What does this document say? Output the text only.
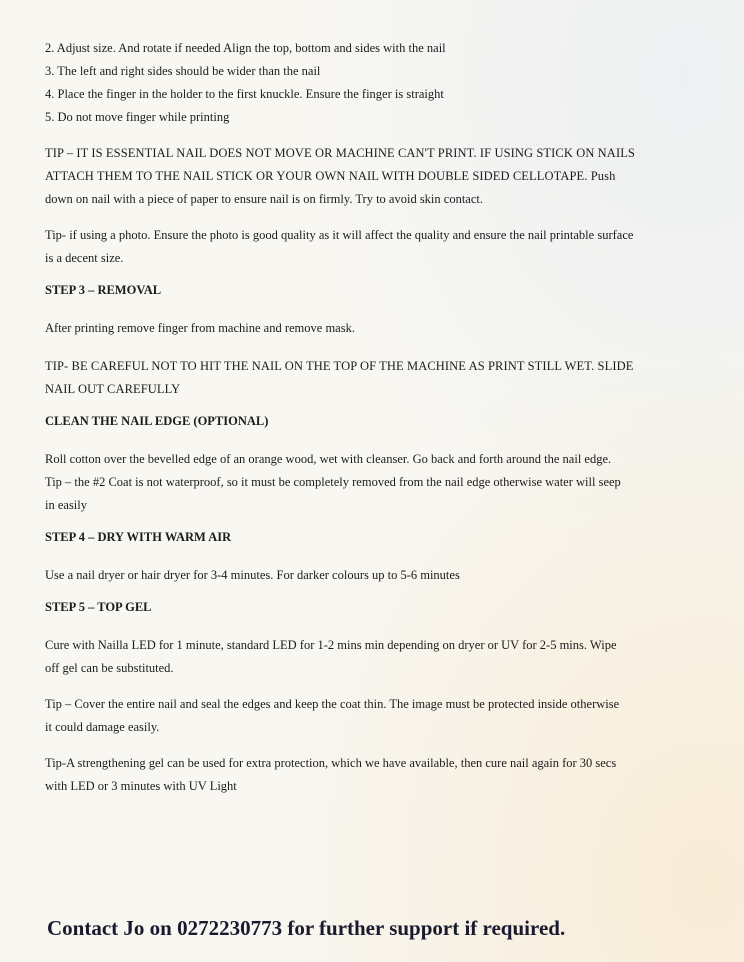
2. Adjust size. And rotate if needed Align the top, bottom and sides with the nail

3. The left and right sides should be wider than the nail

4. Place the finger in the holder to the first knuckle. Ensure the finger is straight

5. Do not move finger while printing

TIP – IT IS ESSENTIAL NAIL DOES NOT MOVE OR MACHINE CAN'T PRINT. IF USING STICK ON NAILS

ATTACH THEM TO THE NAIL STICK OR YOUR OWN NAIL WITH DOUBLE SIDED CELLOTAPE. Push

down on nail with a piece of paper to ensure nail is on firmly. Try to avoid skin contact.

Tip- if using a photo. Ensure the photo is good quality as it will affect the quality and ensure the nail printable surface

is a decent size.

STEP 3 – REMOVAL

After printing remove finger from machine and remove mask.

TIP- BE CAREFUL NOT TO HIT THE NAIL ON THE TOP OF THE MACHINE AS PRINT STILL WET. SLIDE

NAIL OUT CAREFULLY

CLEAN THE NAIL EDGE (OPTIONAL)

Roll cotton over the bevelled edge of an orange wood, wet with cleanser. Go back and forth around the nail edge.

Tip – the #2 Coat is not waterproof, so it must be completely removed from the nail edge otherwise water will seep

in easily

STEP 4 – DRY WITH WARM AIR

Use a nail dryer or hair dryer for 3-4 minutes. For darker colours up to 5-6 minutes

STEP 5 – TOP GEL

Cure with Nailla LED for 1 minute, standard LED for 1-2 mins min depending on dryer or UV for 2-5 mins. Wipe

off gel can be substituted.

Tip – Cover the entire nail and seal the edges and keep the coat thin. The image must be protected inside otherwise

it could damage easily.

Tip-A strengthening gel can be used for extra protection, which we have available, then cure nail again for 30 secs

with LED or 3 minutes with UV Light

Contact Jo on 0272230773 for further support if required.
